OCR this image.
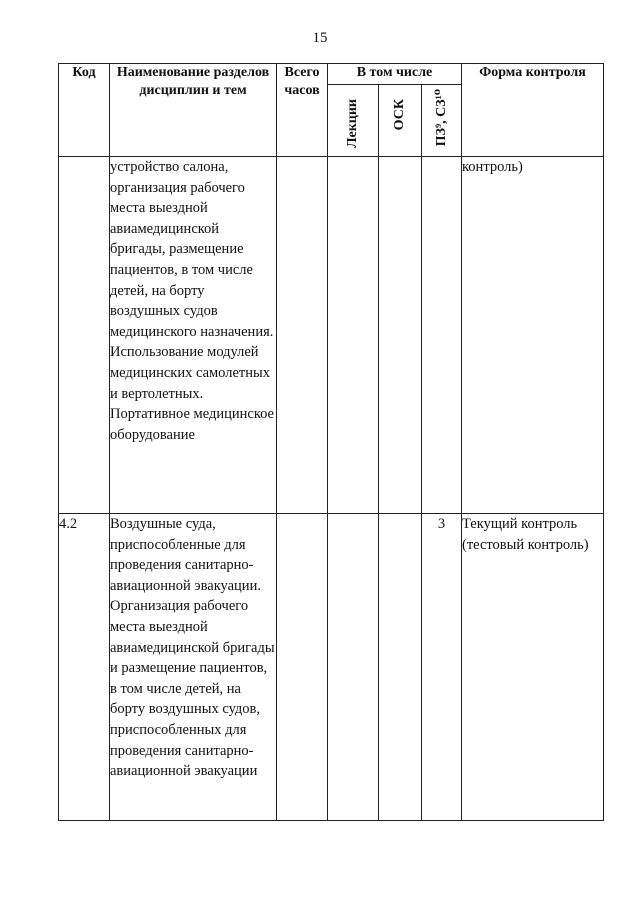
15
Код	Наименование разделов дисциплин и тем	Всего часов	В том числе			Форма контроля

			Лекции	ОСК	ПЗ⁹, СЗ¹⁰	

	устройство салона, организация рабочего места выездной авиамедицинской бригады, размещение пациентов, в том числе детей, на борту воздушных судов медицинского назначения. Использование модулей медицинских самолетных и вертолетных. Портативное медицинское оборудование					контроль)
4.2	Воздушные суда, приспособленные для проведения санитарно-авиационной эвакуации. Организация рабочего места выездной авиамедицинской бригады и размещение пациентов, в том числе детей, на борту воздушных судов, приспособленных для проведения санитарно-авиационной эвакуации				3	Текущий контроль (тестовый контроль)
